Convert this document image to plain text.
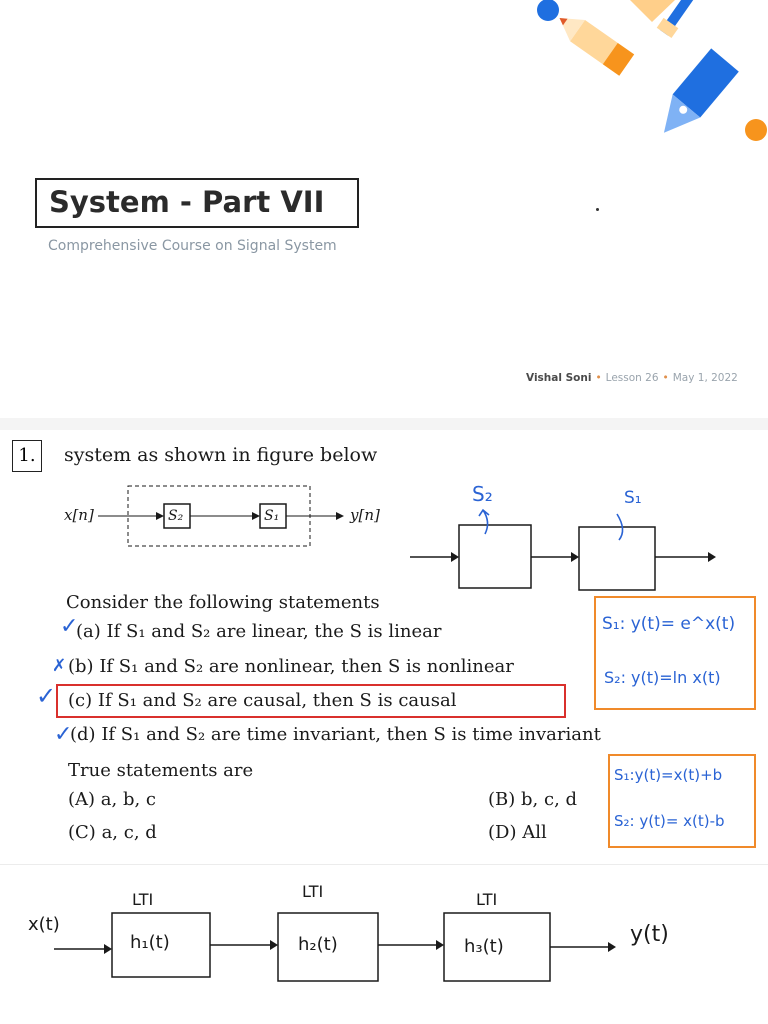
System - Part VII
Comprehensive Course on Signal System
Vishal Soni • Lesson 26 • May 1, 2022
1.	system as shown in figure below
x[n]	S₂	S₁	y[n]
S₂	S₁
Consider the following statements
✓
(a) If S₁ and S₂ are linear, the S is linear
✗ (b) If S₁ and S₂ are nonlinear, then S is nonlinear
✓ (c) If S₁ and S₂ are causal, then S is causal
✓
(d) If S₁ and S₂ are time invariant, then S is time invariant
True statements are
(A) a, b, c	(B) b, c, d
(C) a, c, d	(D) All
S₁: y(t)= e^x(t)
S₂: y(t)=ln x(t)
S₁:y(t)=x(t)+b
S₂: y(t)= x(t)-b
x(t)
LTI	LTI	LTI
h₁(t)	h₂(t)	h₃(t)	y(t)
